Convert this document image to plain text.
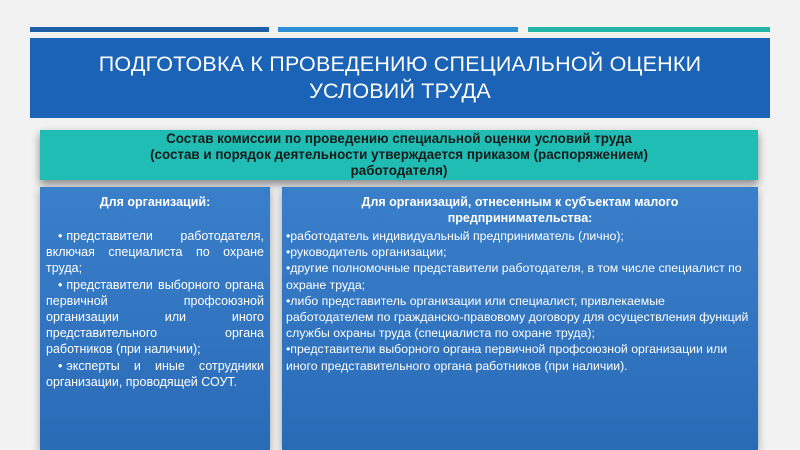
ПОДГОТОВКА К ПРОВЕДЕНИЮ СПЕЦИАЛЬНОЙ ОЦЕНКИ
УСЛОВИЙ ТРУДА
Состав комиссии по проведению специальной оценки условий труда
(состав и порядок деятельности утверждается приказом (распоряжением)
работодателя)
Для организаций:

• представители работодателя, включая специалиста по охране труда;

• представители выборного органа первичной профсоюзной организации или иного представительного органа работников (при наличии);

• эксперты и иные сотрудники организации, проводящей СОУТ.

Для организаций, отнесенным к субъектам малого предпринимательства:

•работодатель индивидуальный предприниматель (лично);

•руководитель организации;

•другие полномочные представители работодателя, в том числе специалист по охране труда;

•либо представитель организации или специалист, привлекаемые работодателем по гражданско-правовому договору для осуществления функций службы охраны труда (специалиста по охране труда);

•представители выборного органа первичной профсоюзной организации или иного представительного органа работников (при наличии).
